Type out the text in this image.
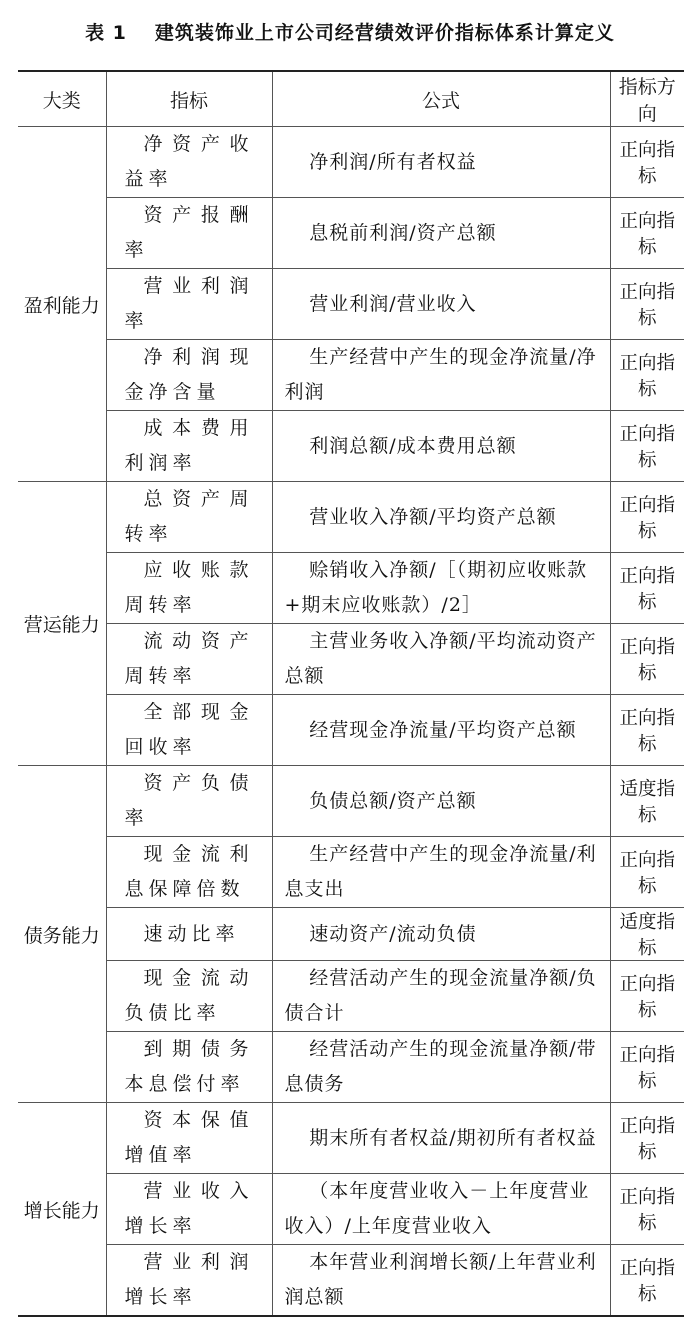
表 1 建筑装饰业上市公司经营绩效评价指标体系计算定义
大类	指标	公式	指标方向
盈利能力	净资产收益率	净利润/所有者权益	正向指标
	资产报酬率	息税前利润/资产总额	正向指标
	营业利润率	营业利润/营业收入	正向指标
	净利润现金净含量	生产经营中产生的现金净流量/净利润	正向指标
	成本费用利润率	利润总额/成本费用总额	正向指标
营运能力	总资产周转率	营业收入净额/平均资产总额	正向指标
	应收账款周转率	赊销收入净额/［（期初应收账款+期末应收账款）/2］	正向指标
	流动资产周转率	主营业务收入净额/平均流动资产总额	正向指标
	全部现金回收率	经营现金净流量/平均资产总额	正向指标
债务能力	资产负债率	负债总额/资产总额	适度指标
	现金流利息保障倍数	生产经营中产生的现金净流量/利息支出	正向指标
	速动比率	速动资产/流动负债	适度指标
	现金流动负债比率	经营活动产生的现金流量净额/负债合计	正向指标
	到期债务本息偿付率	经营活动产生的现金流量净额/带息债务	正向指标
增长能力	资本保值增值率	期末所有者权益/期初所有者权益	正向指标
	营业收入增长率	（本年度营业收入－上年度营业收入）/上年度营业收入	正向指标
	营业利润增长率	本年营业利润增长额/上年营业利润总额	正向指标
